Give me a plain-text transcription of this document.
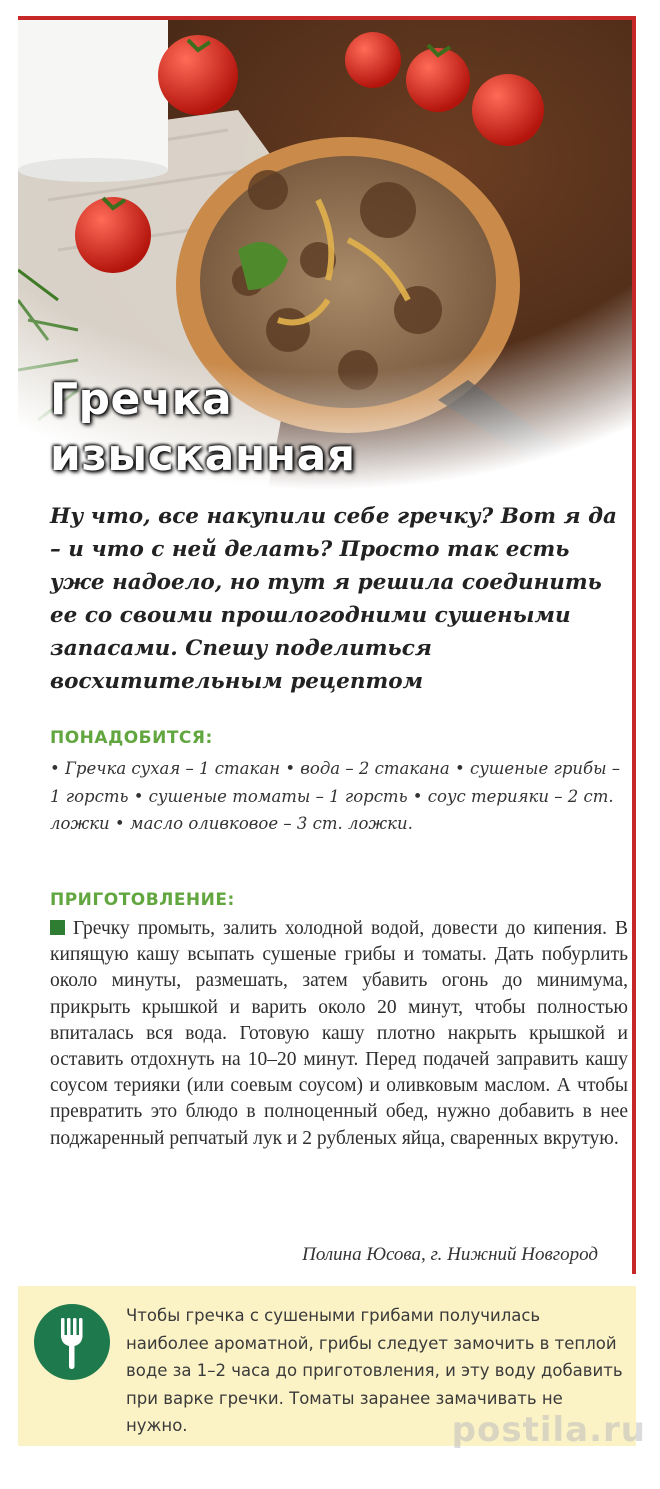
Гречка
изысканная
Ну что, все накупили себе гречку? Вот я да – и что с ней делать? Просто так есть уже надоело, но тут я решила соединить ее со своими прошлогодними сушеными запасами. Спешу поделиться восхитительным рецептом
ПОНАДОБИТСЯ:
• Гречка сухая – 1 стакан • вода – 2 стакана • сушеные грибы – 1 горсть • сушеные томаты – 1 горсть • соус терияки – 2 ст. ложки • масло оливковое – 3 ст. ложки.
ПРИГОТОВЛЕНИЕ:
Гречку промыть, залить холодной водой, довести до кипения. В кипящую кашу всыпать сушеные грибы и томаты. Дать побурлить около минуты, размешать, затем убавить огонь до минимума, прикрыть крышкой и варить около 20 минут, чтобы полностью впиталась вся вода. Готовую кашу плотно накрыть крышкой и оставить отдохнуть на 10–20 минут. Перед подачей заправить кашу соусом терияки (или соевым соусом) и оливковым маслом. А чтобы превратить это блюдо в полноценный обед, нужно добавить в нее поджаренный репчатый лук и 2 рубленых яйца, сваренных вкрутую.
Полина Юсова, г. Нижний Новгород
Чтобы гречка с сушеными грибами получилась наиболее ароматной, грибы следует замочить в теплой воде за 1–2 часа до приготовления, и эту воду добавить при варке гречки. Томаты заранее замачивать не нужно.	postila.ru
